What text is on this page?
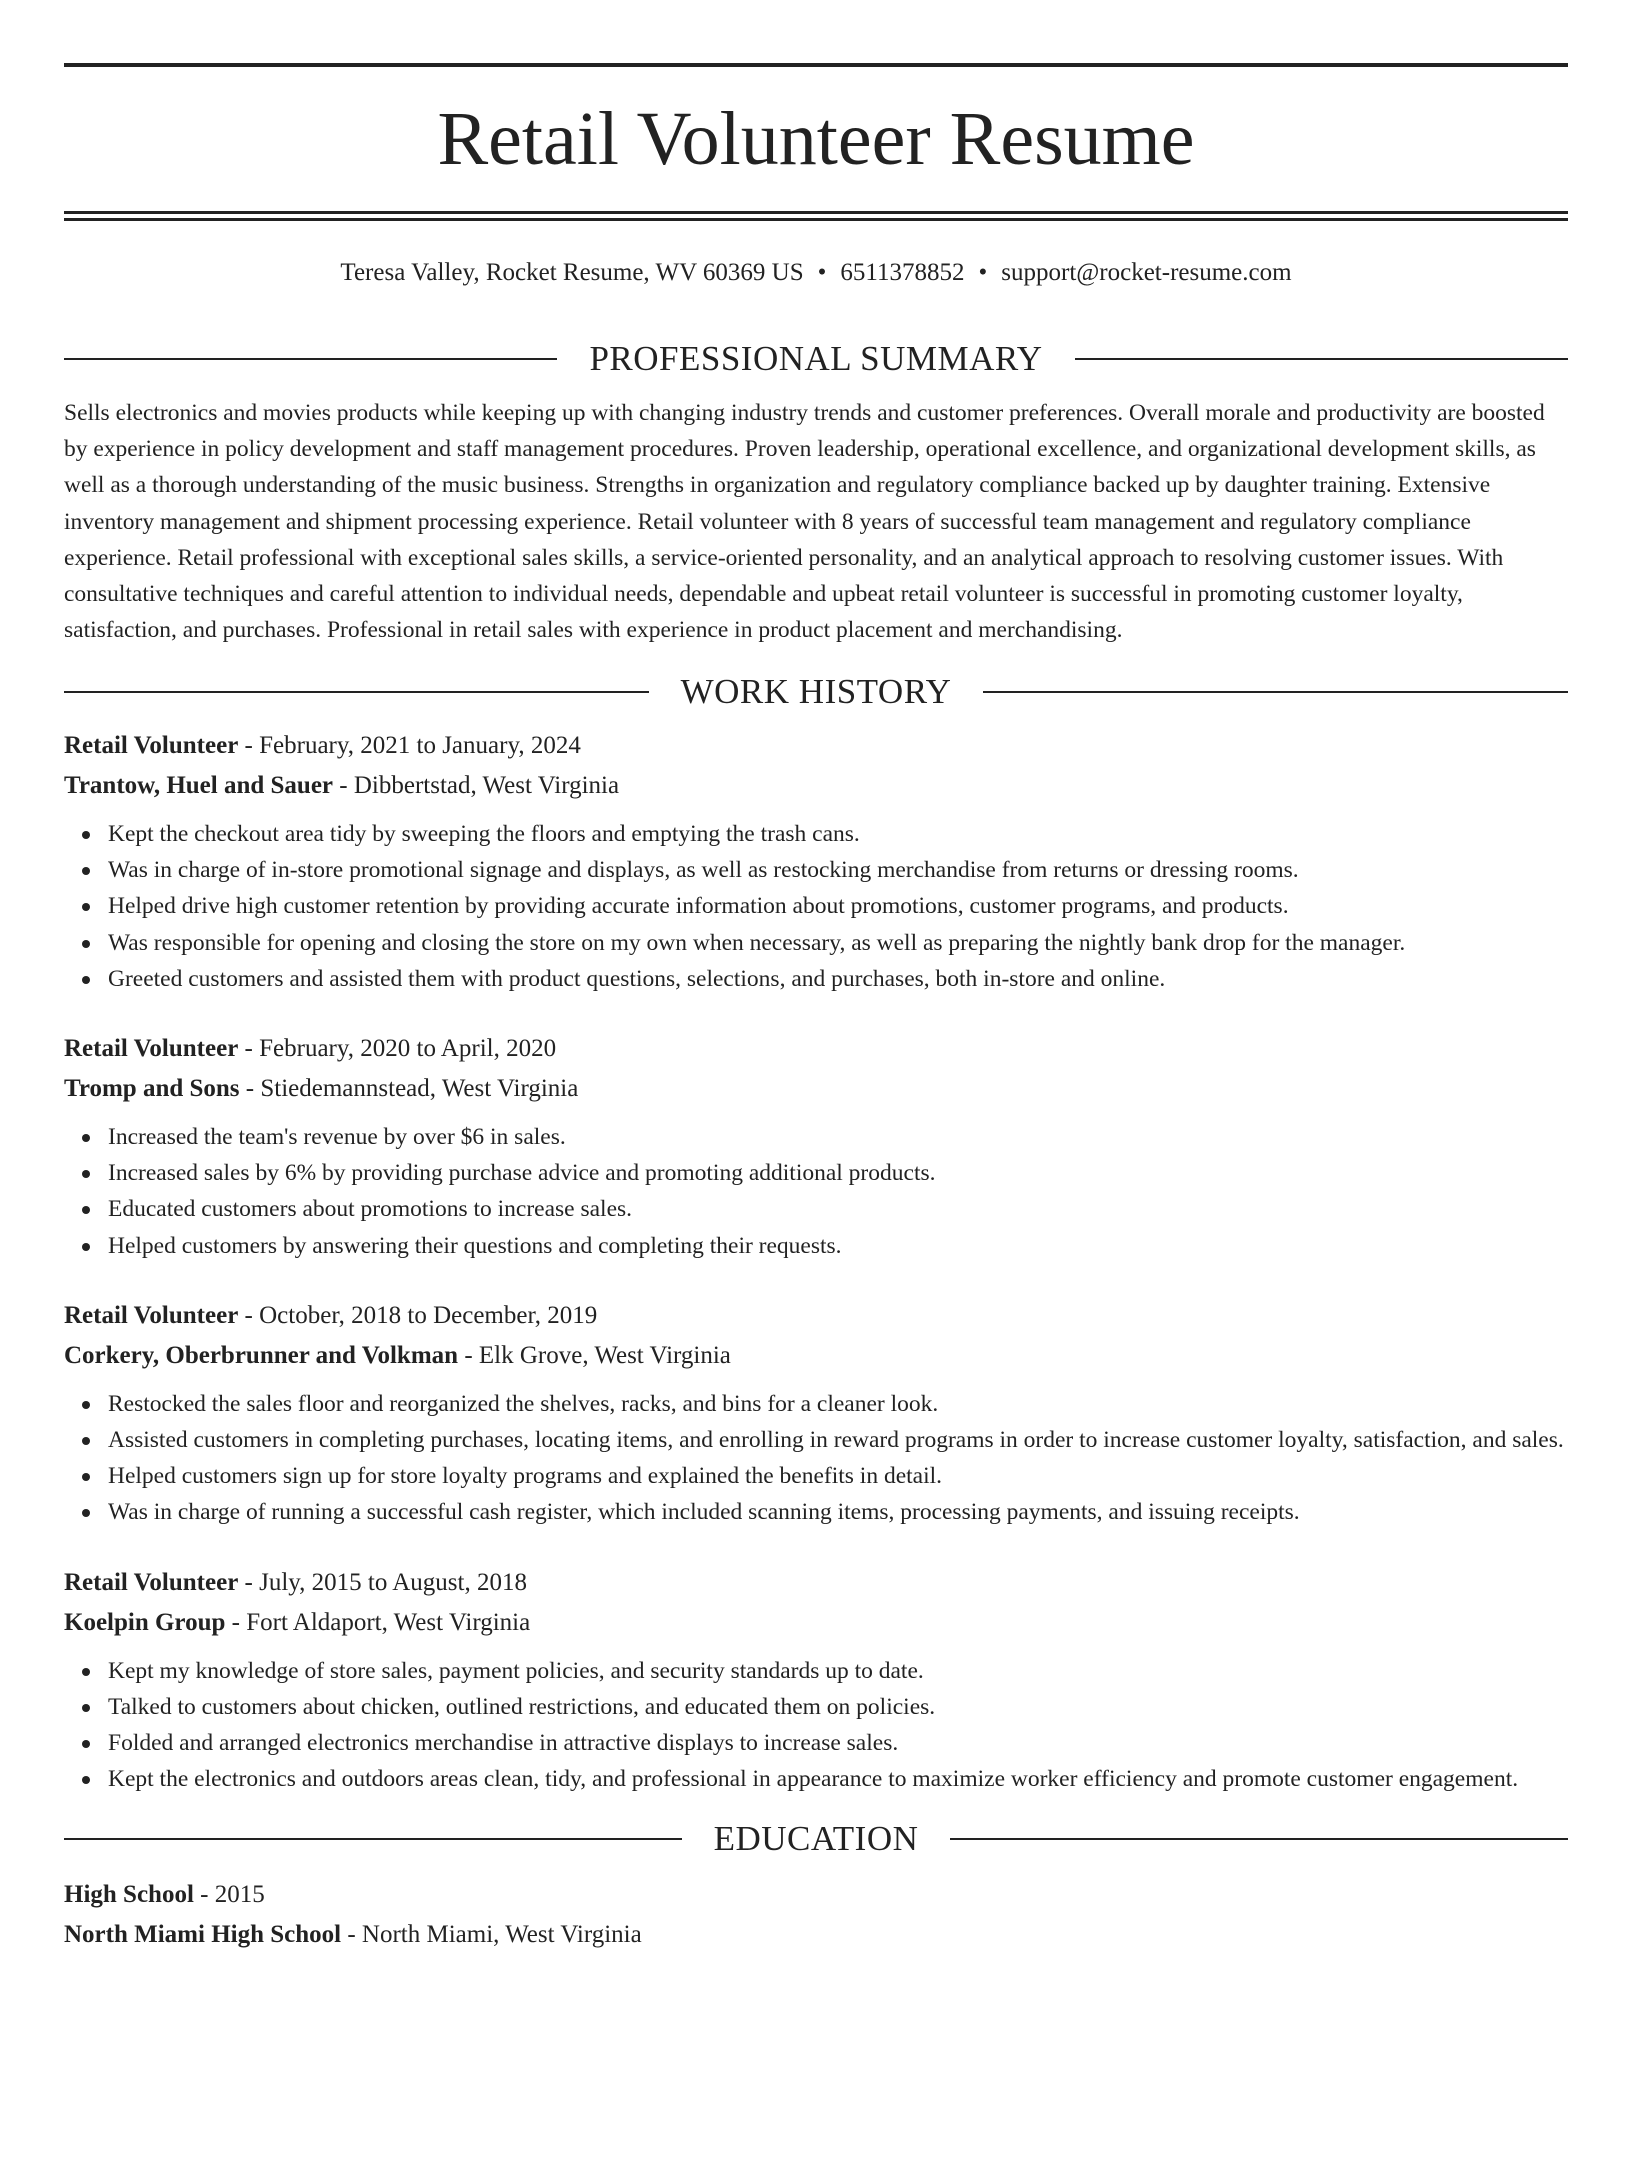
Retail Volunteer Resume
Teresa Valley, Rocket Resume, WV 60369 US • 6511378852 • support@rocket-resume.com
PROFESSIONAL SUMMARY

Sells electronics and movies products while keeping up with changing industry trends and customer preferences. Overall morale and productivity are boosted by experience in policy development and staff management procedures. Proven leadership, operational excellence, and organizational development skills, as well as a thorough understanding of the music business. Strengths in organization and regulatory compliance backed up by daughter training. Extensive inventory management and shipment processing experience. Retail volunteer with 8 years of successful team management and regulatory compliance experience. Retail professional with exceptional sales skills, a service-oriented personality, and an analytical approach to resolving customer issues. With consultative techniques and careful attention to individual needs, dependable and upbeat retail volunteer is successful in promoting customer loyalty, satisfaction, and purchases. Professional in retail sales with experience in product placement and merchandising.

WORK HISTORY
Retail Volunteer - February, 2021 to January, 2024
Trantow, Huel and Sauer - Dibbertstad, West Virginia
Kept the checkout area tidy by sweeping the floors and emptying the trash cans.
Was in charge of in-store promotional signage and displays, as well as restocking merchandise from returns or dressing rooms.
Helped drive high customer retention by providing accurate information about promotions, customer programs, and products.
Was responsible for opening and closing the store on my own when necessary, as well as preparing the nightly bank drop for the manager.
Greeted customers and assisted them with product questions, selections, and purchases, both in-store and online.
Retail Volunteer - February, 2020 to April, 2020
Tromp and Sons - Stiedemannstead, West Virginia
Increased the team's revenue by over $6 in sales.
Increased sales by 6% by providing purchase advice and promoting additional products.
Educated customers about promotions to increase sales.
Helped customers by answering their questions and completing their requests.
Retail Volunteer - October, 2018 to December, 2019
Corkery, Oberbrunner and Volkman - Elk Grove, West Virginia
Restocked the sales floor and reorganized the shelves, racks, and bins for a cleaner look.
Assisted customers in completing purchases, locating items, and enrolling in reward programs in order to increase customer loyalty, satisfaction, and sales.
Helped customers sign up for store loyalty programs and explained the benefits in detail.
Was in charge of running a successful cash register, which included scanning items, processing payments, and issuing receipts.
Retail Volunteer - July, 2015 to August, 2018
Koelpin Group - Fort Aldaport, West Virginia
Kept my knowledge of store sales, payment policies, and security standards up to date.
Talked to customers about chicken, outlined restrictions, and educated them on policies.
Folded and arranged electronics merchandise in attractive displays to increase sales.
Kept the electronics and outdoors areas clean, tidy, and professional in appearance to maximize worker efficiency and promote customer engagement.
EDUCATION
High School - 2015
North Miami High School - North Miami, West Virginia
